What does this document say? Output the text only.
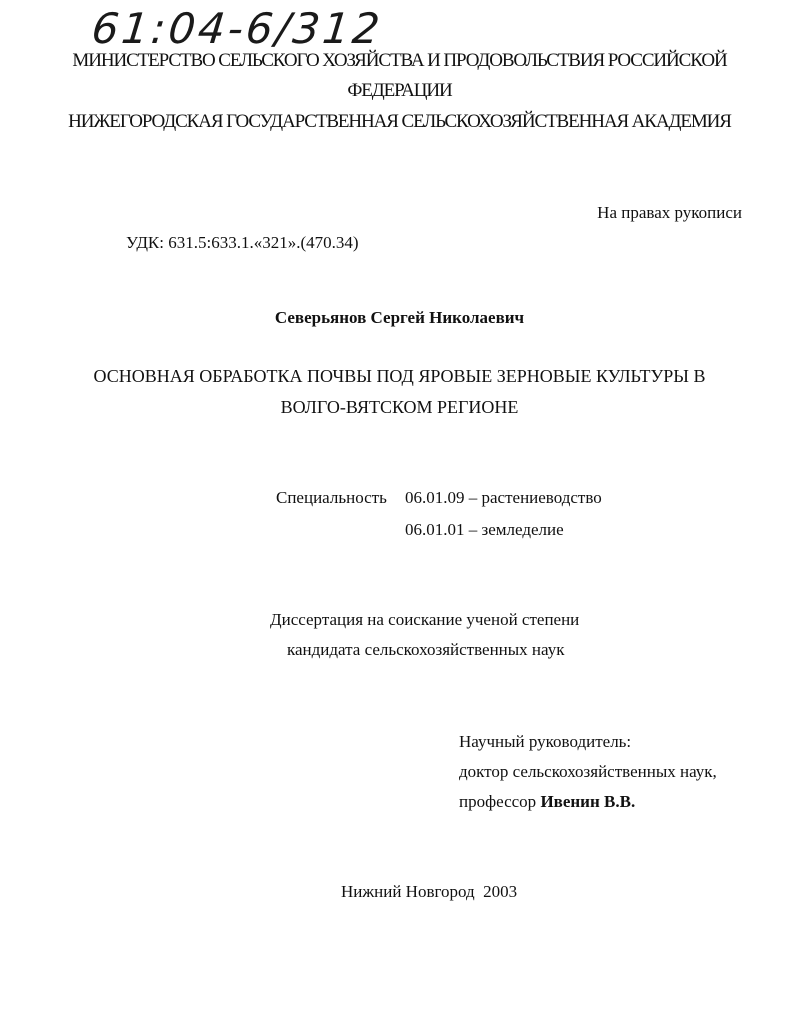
61:04-6/312
МИНИСТЕРСТВО СЕЛЬСКОГО ХОЗЯЙСТВА И ПРОДОВОЛЬСТВИЯ РОССИЙСКОЙ
ФЕДЕРАЦИИ
НИЖЕГОРОДСКАЯ ГОСУДАРСТВЕННАЯ СЕЛЬСКОХОЗЯЙСТВЕННАЯ АКАДЕМИЯ
На правах рукописи
УДК: 631.5:633.1.«321».(470.34)
Северьянов Сергей Николаевич
ОСНОВНАЯ ОБРАБОТКА ПОЧВЫ ПОД ЯРОВЫЕ ЗЕРНОВЫЕ КУЛЬТУРЫ В
ВОЛГО-ВЯТСКОМ РЕГИОНЕ
Специальность 06.01.09 – растениеводство
06.01.01 – земледелие
Диссертация на соискание ученой степени
кандидата сельскохозяйственных наук
Научный руководитель:
доктор сельскохозяйственных наук,
профессор Ивенин В.В.
Нижний Новгород  2003
